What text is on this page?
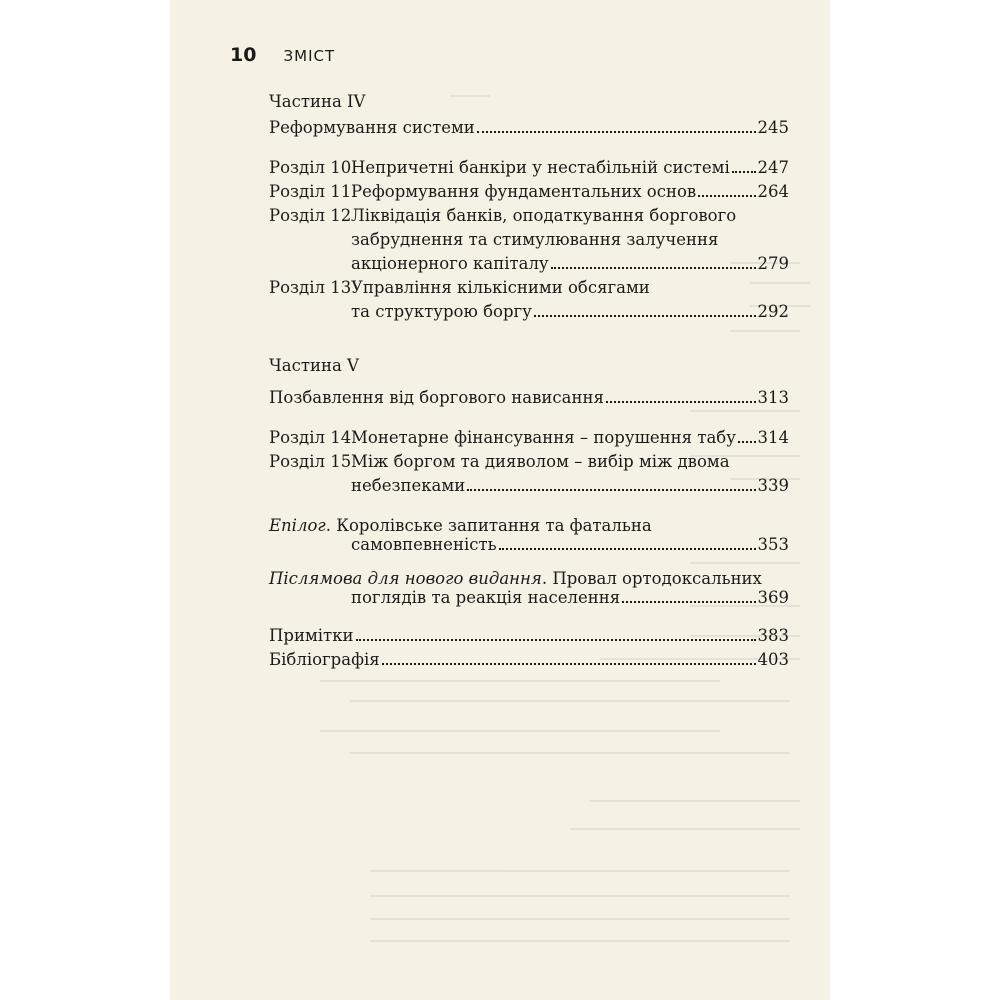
10 ЗМІСТ
Частина IV
Реформування системи	245
Розділ 10 Непричетні банкіри у нестабільній системі 247
Розділ 11 Реформування фундаментальних основ	264
Розділ 12 Ліквідація банків, оподаткування боргового
забруднення та стимулювання залучення
акціонерного капіталу	279
Розділ 13 Управління кількісними обсягами
та структурою боргу	292
Частина V
Позбавлення від боргового нависання	313
Розділ 14 Монетарне фінансування – порушення табу 314
Розділ 15 Між боргом та дияволом – вибір між двома
небезпеками	339
Епілог. Королівське запитання та фатальна
самовпевненість	353
Післямова для нового видання. Провал ортодоксальних
поглядів та реакція населення	369
Примітки	383
Бібліографія	403
